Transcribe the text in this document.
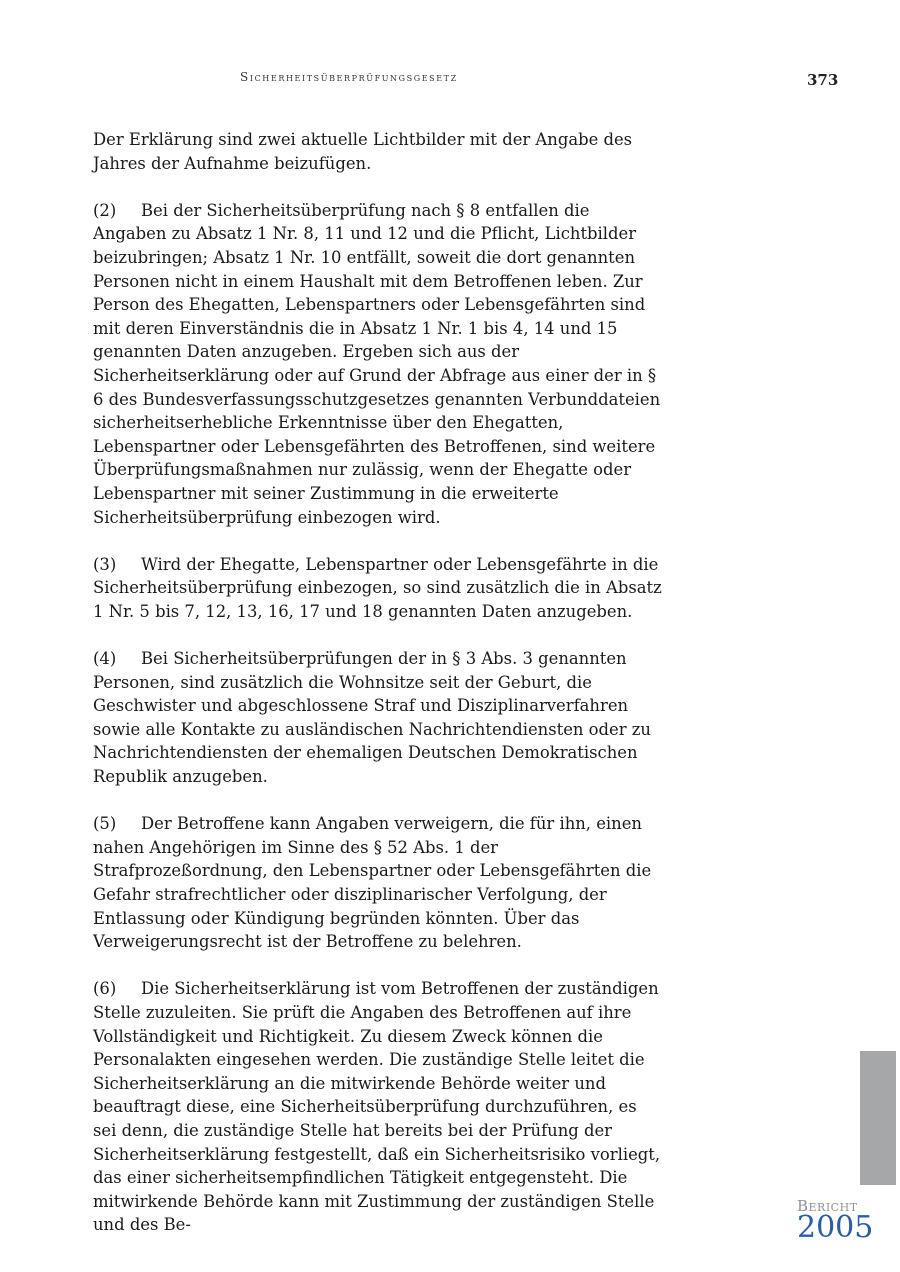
Sicherheitsüberprüfungsgesetz	373

Der Erklärung sind zwei aktuelle Lichtbilder mit der Angabe des Jahres der Aufnahme beizufügen.

(2) Bei der Sicherheitsüberprüfung nach § 8 entfallen die Angaben zu Absatz 1 Nr. 8, 11 und 12 und die Pflicht, Lichtbilder beizubringen; Absatz 1 Nr. 10 entfällt, soweit die dort genannten Personen nicht in einem Haushalt mit dem Betroffenen leben. Zur Person des Ehegatten, Lebenspartners oder Lebensgefährten sind mit deren Einverständnis die in Absatz 1 Nr. 1 bis 4, 14 und 15 genannten Daten anzugeben. Ergeben sich aus der Sicherheitserklärung oder auf Grund der Abfrage aus einer der in § 6 des Bundesverfassungsschutzgesetzes genannten Verbunddateien sicherheitserhebliche Erkenntnisse über den Ehegatten, Lebenspartner oder Lebensgefährten des Betroffenen, sind weitere Überprüfungsmaßnahmen nur zulässig, wenn der Ehegatte oder Lebenspartner mit seiner Zustimmung in die erweiterte Sicherheitsüberprüfung einbezogen wird.

(3) Wird der Ehegatte, Lebenspartner oder Lebensgefährte in die Sicherheitsüberprüfung einbezogen, so sind zusätzlich die in Absatz 1 Nr. 5 bis 7, 12, 13, 16, 17 und 18 genannten Daten anzugeben.

(4) Bei Sicherheitsüberprüfungen der in § 3 Abs. 3 genannten Personen, sind zusätzlich die Wohnsitze seit der Geburt, die Geschwister und abgeschlossene Straf und Disziplinarverfahren sowie alle Kontakte zu ausländischen Nachrichtendiensten oder zu Nachrichtendiensten der ehemaligen Deutschen Demokratischen Republik anzugeben.

(5) Der Betroffene kann Angaben verweigern, die für ihn, einen nahen Angehörigen im Sinne des § 52 Abs. 1 der Strafprozeßordnung, den Lebenspartner oder Lebensgefährten die Gefahr strafrechtlicher oder disziplinarischer Verfolgung, der Entlassung oder Kündigung begründen könnten. Über das Verweigerungsrecht ist der Betroffene zu belehren.

(6) Die Sicherheitserklärung ist vom Betroffenen der zuständigen Stelle zuzuleiten. Sie prüft die Angaben des Betroffenen auf ihre Vollständigkeit und Richtigkeit. Zu diesem Zweck können die Personalakten eingesehen werden. Die zuständige Stelle leitet die Sicherheitserklärung an die mitwirkende Behörde weiter und beauftragt diese, eine Sicherheitsüberprüfung durchzuführen, es sei denn, die zuständige Stelle hat bereits bei der Prüfung der Sicherheitserklärung festgestellt, daß ein Sicherheitsrisiko vorliegt, das einer sicherheitsempfindlichen Tätigkeit entgegensteht. Die mitwirkende Behörde kann mit Zustimmung der zuständigen Stelle und des Be-

Bericht
2005
